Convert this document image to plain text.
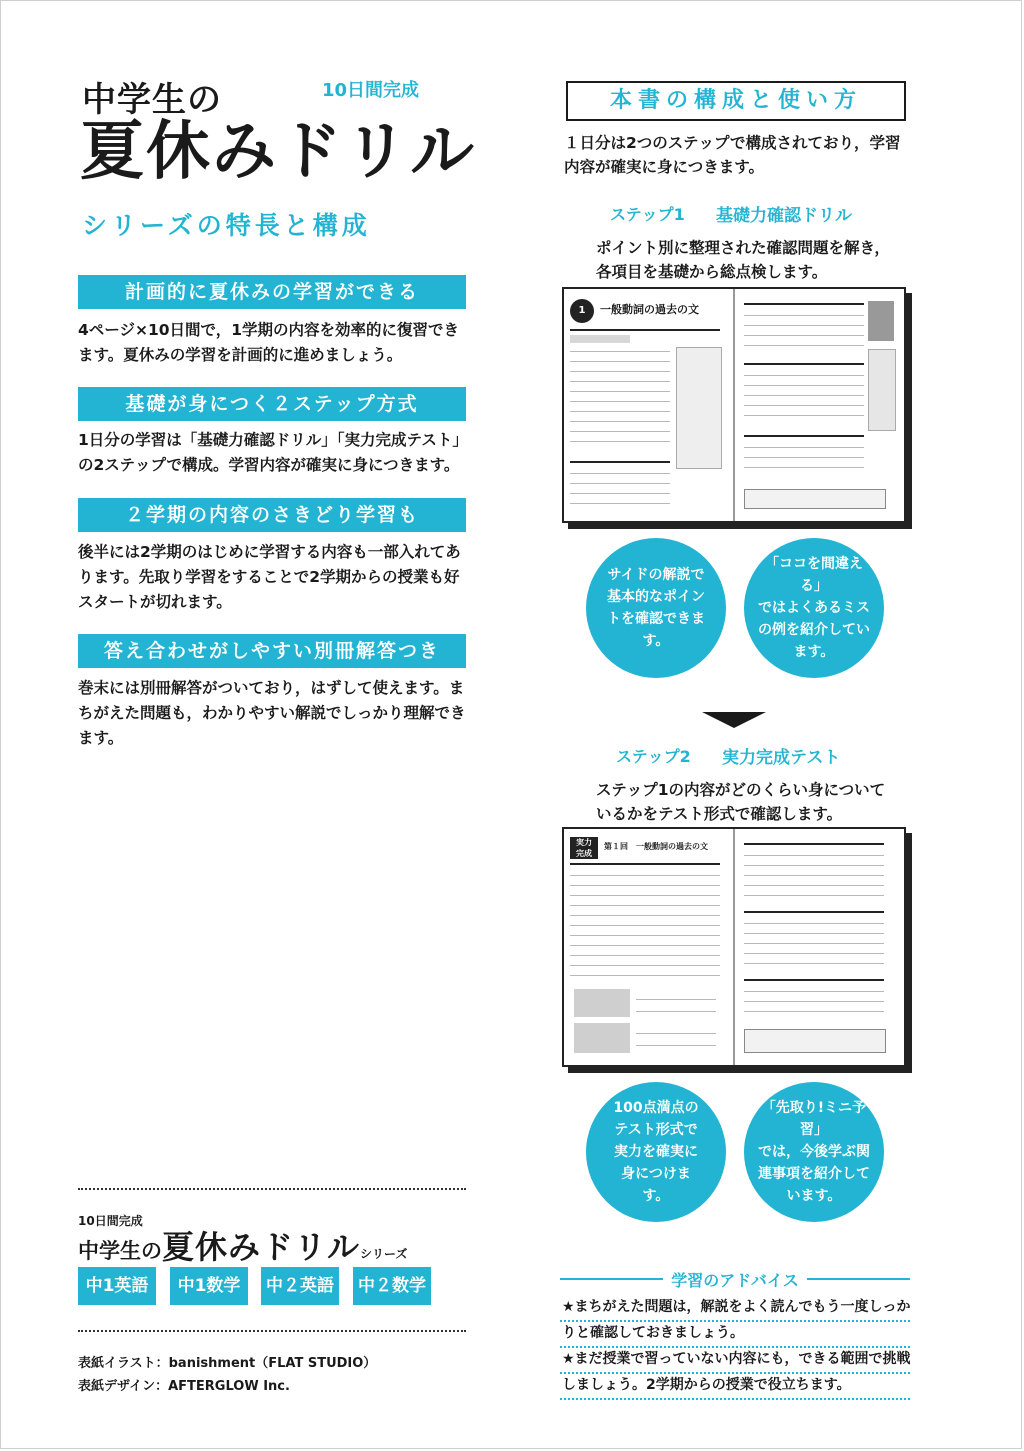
中学生の	10日間完成
夏休みドリル
シリーズの特長と構成
計画的に夏休みの学習ができる
4ページ×10日間で，1学期の内容を効率的に復習できます。夏休みの学習を計画的に進めましょう。
基礎が身につく２ステップ方式
1日分の学習は「基礎力確認ドリル」「実力完成テスト」の2ステップで構成。学習内容が確実に身につきます。
２学期の内容のさきどり学習も
後半には2学期のはじめに学習する内容も一部入れてあります。先取り学習をすることで2学期からの授業も好スタートが切れます。
答え合わせがしやすい別冊解答つき
巻末には別冊解答がついており，はずして使えます。まちがえた問題も，わかりやすい解説でしっかり理解できます。
10日間完成
中学生の夏休みドリルシリーズ
中1英語	中1数学	中２英語 中２数学
表紙イラスト：banishment（FLAT STUDIO）
表紙デザイン：AFTERGLOW Inc.
本書の構成と使い方
１日分は2つのステップで構成されており，学習内容が確実に身につきます。
ステップ1 基礎力確認ドリル
ポイント別に整理された確認問題を解き，各項目を基礎から総点検します。
1	一般動詞の過去の文
サイドの解説で基本的なポイントを確認できます。
「ココを間違える」
ではよくあるミスの例を紹介しています。
ステップ2 実力完成テスト
ステップ1の内容がどのくらい身についているかをテスト形式で確認します。
実力
完成
第１回　一般動詞の過去の文
100点満点のテスト形式で実力を確実に身につけます。
「先取り!ミニ予習」
では，今後学ぶ関連事項を紹介しています。
学習のアドバイス
★まちがえた問題は，解説をよく読んでもう一度しっかりと確認しておきましょう。
★まだ授業で習っていない内容にも，できる範囲で挑戦しましょう。2学期からの授業で役立ちます。
